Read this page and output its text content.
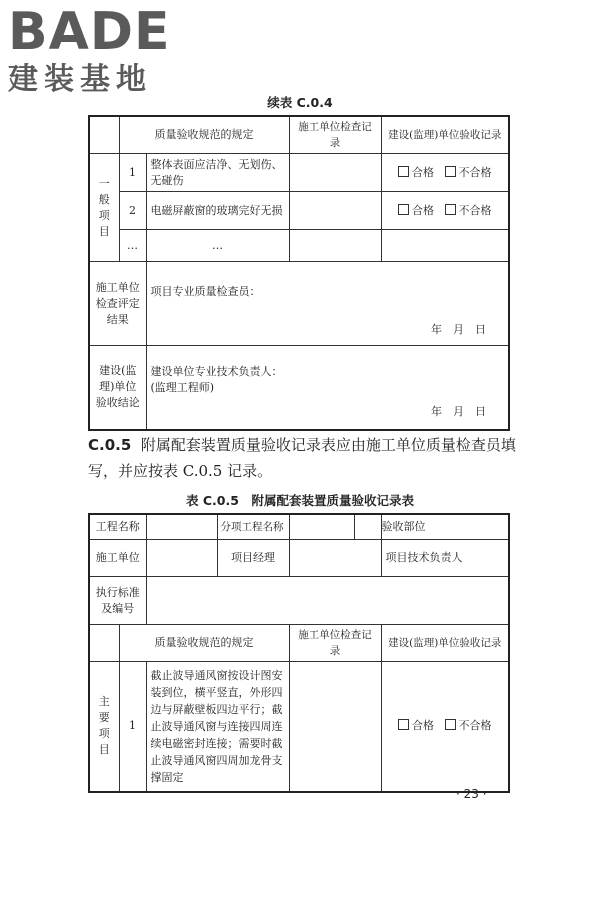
BADE
建装基地
续表 C.0.4
	质量验收规范的规定		施工单位检查记录	建设(监理)单位验收记录
一般项目	1	整体表面应洁净、无划伤、无碰伤		合格 不合格
	2	电磁屏蔽窗的玻璃完好无损		合格 不合格
	…	…		
施工单位检查评定结果		项目专业质量检查员：
年　月　日		

建设(监理)单位验收结论		建设单位专业技术负责人：
(监理工程师)
年　月　日		
C.0.5 附属配套装置质量验收记录表应由施工单位质量检查员填写，并应按表 C.0.5 记录。
表 C.0.5　附属配套装置质量验收记录表
工程名称		分项工程名称		验收部位
施工单位		项目经理		项目技术负责人
执行标准及编号				
	质量验收规范的规定		施工单位检查记录	建设(监理)单位验收记录
主要项目	1	截止波导通风窗按设计图安装到位，横平竖直，外形四边与屏蔽壁板四边平行；截止波导通风窗与连接四周连续电磁密封连接；需要时截止波导通风窗四周加龙骨支撑固定		合格 不合格
· 23 ·
